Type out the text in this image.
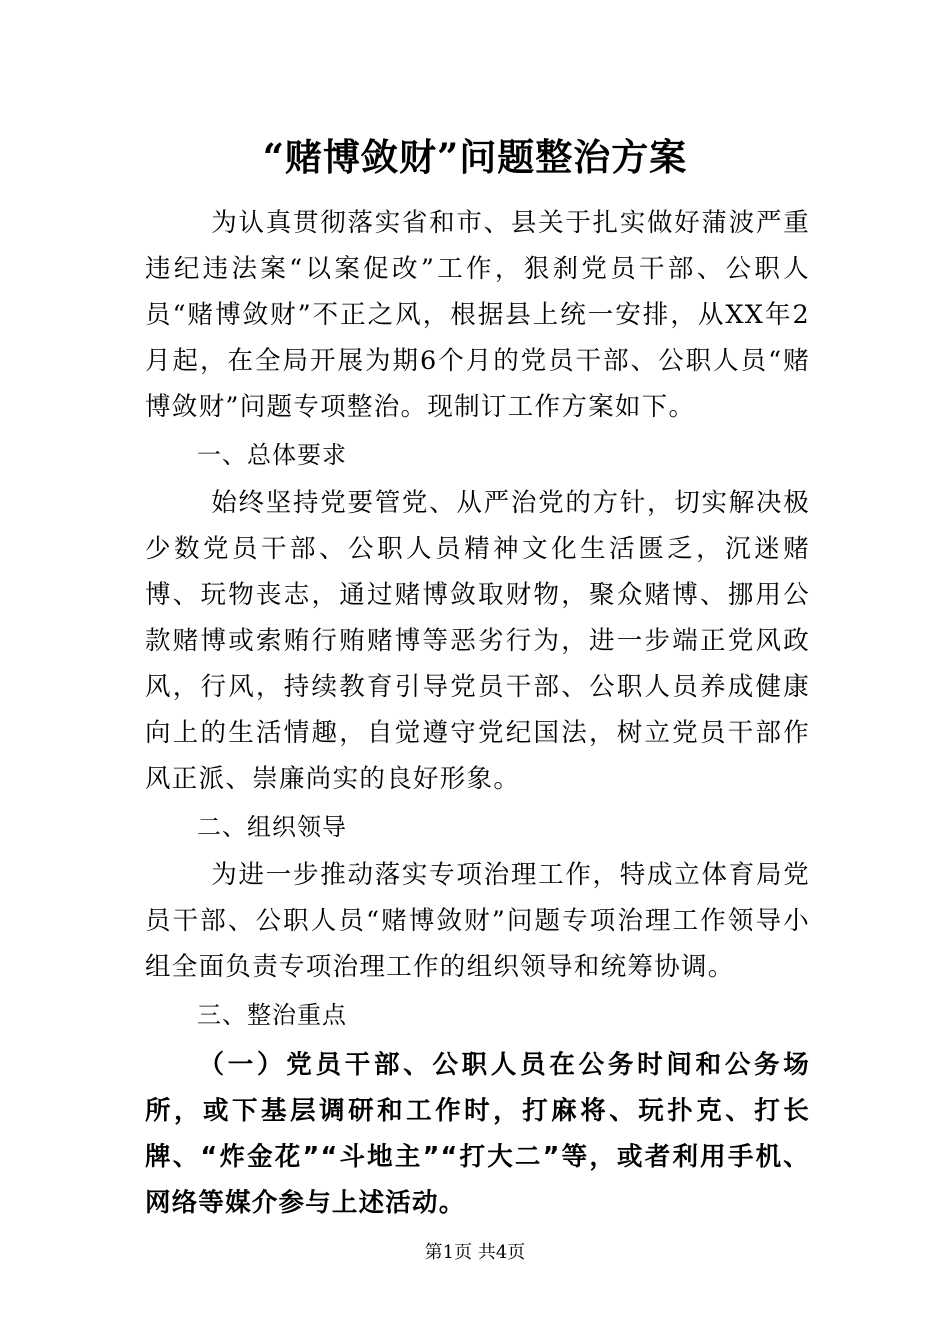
“赌博敛财”问题整治方案

为认真贯彻落实省和市、县关于扎实做好蒲波严重违纪违法案“以案促改”工作，狠刹党员干部、公职人员“赌博敛财”不正之风，根据县上统一安排，从XX年2月起，在全局开展为期6个月的党员干部、公职人员“赌博敛财”问题专项整治。现制订工作方案如下。

一、总体要求

始终坚持党要管党、从严治党的方针，切实解决极少数党员干部、公职人员精神文化生活匮乏，沉迷赌博、玩物丧志，通过赌博敛取财物，聚众赌博、挪用公款赌博或索贿行贿赌博等恶劣行为，进一步端正党风政风，行风，持续教育引导党员干部、公职人员养成健康向上的生活情趣，自觉遵守党纪国法，树立党员干部作风正派、崇廉尚实的良好形象。

二、组织领导

为进一步推动落实专项治理工作，特成立体育局党员干部、公职人员“赌博敛财”问题专项治理工作领导小组全面负责专项治理工作的组织领导和统筹协调。

三、整治重点

（一）党员干部、公职人员在公务时间和公务场所，或下基层调研和工作时，打麻将、玩扑克、打长牌、“炸金花”“斗地主”“打大二”等，或者利用手机、网络等媒介参与上述活动。

第1页 共4页
